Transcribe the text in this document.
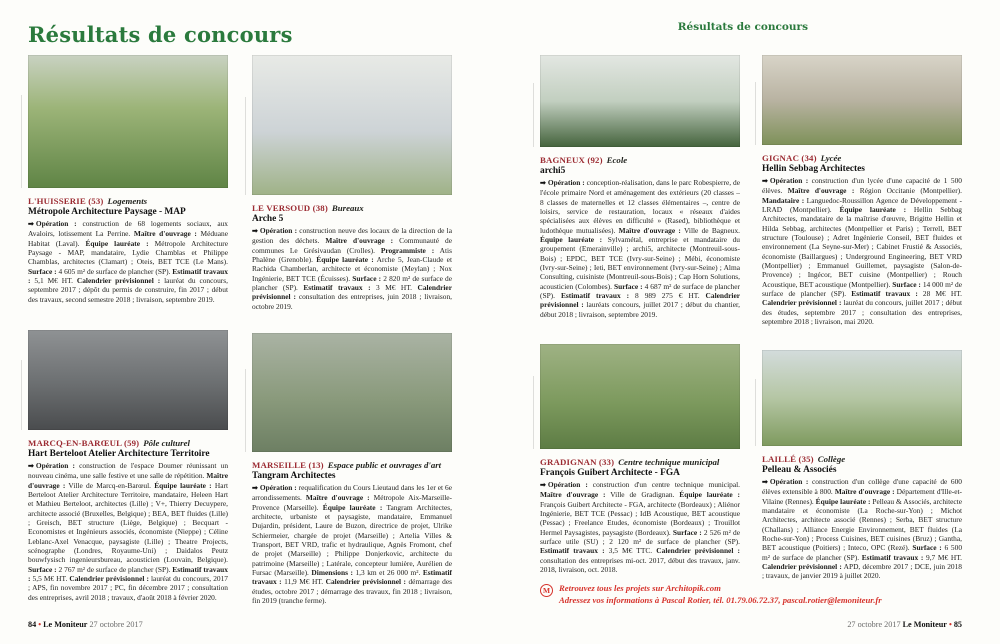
Résultats de concours	Résultats de concours
L'HUISSERIE (53) Logements
Métropole Architecture Paysage - MAP

➡ Opération : construction de 68 logements sociaux, aux Avaloirs, lotissement La Perrine. Maître d'ouvrage : Méduane Habitat (Laval). Équipe lauréate : Métropole Architecture Paysage - MAP, mandataire, Lydie Chamblas et Philippe Chamblas, architectes (Clamart) ; Oteis, BET TCE (Le Mans). Surface : 4 605 m² de surface de plancher (SP). Estimatif travaux : 5,1 M€ HT. Calendrier prévisionnel : lauréat du concours, septembre 2017 ; dépôt du permis de construire, fin 2017 ; début des travaux, second semestre 2018 ; livraison, septembre 2019.

LE VERSOUD (38) Bureaux
Arche 5

➡ Opération : construction neuve des locaux de la direction de la gestion des déchets. Maître d'ouvrage : Communauté de communes Le Grésivaudan (Crolles). Programmiste : Atis Phalène (Grenoble). Équipe lauréate : Arche 5, Jean-Claude et Rachida Chamberlan, architecte et économiste (Meylan) ; Nox Ingénierie, BET TCE (Écuisses). Surface : 2 820 m² de surface de plancher (SP). Estimatif travaux : 3 M€ HT. Calendrier prévisionnel : consultation des entreprises, juin 2018 ; livraison, octobre 2019.

BAGNEUX (92) Ecole
archi5

➡ Opération : conception-réalisation, dans le parc Robespierre, de l'école primaire Nord et aménagement des extérieurs (20 classes – 8 classes de maternelles et 12 classes élémentaires –, centre de loisirs, service de restauration, locaux « réseaux d'aides spécialisées aux élèves en difficulté » (Rased), bibliothèque et ludothèque mutualisées). Maître d'ouvrage : Ville de Bagneux. Équipe lauréate : Sylvamétal, entreprise et mandataire du groupement (Emerainville) ; archi5, architecte (Montreuil-sous-Bois) ; EPDC, BET TCE (Ivry-sur-Seine) ; Mébi, économiste (Ivry-sur-Seine) ; Ieti, BET environnement (Ivry-sur-Seine) ; Alma Consulting, cuisiniste (Montreuil-sous-Bois) ; Cap Horn Solutions, acousticien (Colombes). Surface : 4 687 m² de surface de plancher (SP). Estimatif travaux : 8 989 275 € HT. Calendrier prévisionnel : lauréats concours, juillet 2017 ; début du chantier, début 2018 ; livraison, septembre 2019.

GIGNAC (34) Lycée
Hellin Sebbag Architectes

➡ Opération : construction d'un lycée d'une capacité de 1 500 élèves. Maître d'ouvrage : Région Occitanie (Montpellier). Mandataire : Languedoc-Roussillon Agence de Développement - LRAD (Montpellier). Équipe lauréate : Hellin Sebbag Architectes, mandataire de la maîtrise d'œuvre, Brigitte Hellin et Hilda Sebbag, architectes (Montpellier et Paris) ; Terrell, BET structure (Toulouse) ; Adret Ingénierie Conseil, BET fluides et environnement (La Seyne-sur-Mer) ; Cabinet Frustié & Associés, économiste (Baillargues) ; Underground Engineering, BET VRD (Montpellier) ; Emmanuel Guillemet, paysagiste (Salon-de-Provence) ; Ingécor, BET cuisine (Montpellier) ; Rouch Acoustique, BET acoustique (Montpellier). Surface : 14 000 m² de surface de plancher (SP). Estimatif travaux : 28 M€ HT. Calendrier prévisionnel : lauréat du concours, juillet 2017 ; début des études, septembre 2017 ; consultation des entreprises, septembre 2018 ; livraison, mai 2020.

MARCQ-EN-BARŒUL (59) Pôle culturel
Hart Berteloot Atelier Architecture Territoire

➡ Opération : construction de l'espace Doumer réunissant un nouveau cinéma, une salle festive et une salle de répétition. Maître d'ouvrage : Ville de Marcq-en-Barœul. Équipe lauréate : Hart Berteloot Atelier Architecture Territoire, mandataire, Heleen Hart et Mathieu Berteloot, architectes (Lille) ; V+, Thierry Decuypere, architecte associé (Bruxelles, Belgique) ; BEA, BET fluides (Lille) ; Greisch, BET structure (Liège, Belgique) ; Becquart - Economistes et Ingénieurs associés, économiste (Nieppe) ; Céline Leblanc-Axel Venacque, paysagiste (Lille) ; Theatre Projects, scénographe (Londres, Royaume-Uni) ; Daidalos Peutz bouwfysisch ingenieursbureau, acousticien (Louvain, Belgique). Surface : 2 767 m² de surface de plancher (SP). Estimatif travaux : 5,5 M€ HT. Calendrier prévisionnel : lauréat du concours, 2017 ; APS, fin novembre 2017 ; PC, fin décembre 2017 ; consultation des entreprises, avril 2018 ; travaux, d'août 2018 à février 2020.

MARSEILLE (13) Espace public et ouvrages d'art
Tangram Architectes

➡ Opération : requalification du Cours Lieutaud dans les 1er et 6e arrondissements. Maître d'ouvrage : Métropole Aix-Marseille-Provence (Marseille). Équipe lauréate : Tangram Architectes, architecte, urbaniste et paysagiste, mandataire, Emmanuel Dujardin, président, Laure de Buzon, directrice de projet, Ulrike Schiermeier, chargée de projet (Marseille) ; Artelia Villes & Transport, BET VRD, trafic et hydraulique, Agnès Fromont, chef de projet (Marseille) ; Philippe Donjerkovic, architecte du patrimoine (Marseille) ; Latérale, concepteur lumière, Aurélien de Fursac (Marseille). Dimensions : 1,3 km et 26 000 m². Estimatif travaux : 11,9 M€ HT. Calendrier prévisionnel : démarrage des études, octobre 2017 ; démarrage des travaux, fin 2018 ; livraison, fin 2019 (tranche ferme).

GRADIGNAN (33) Centre technique municipal
François Guibert Architecte - FGA

➡ Opération : construction d'un centre technique municipal. Maître d'ouvrage : Ville de Gradignan. Équipe lauréate : François Guibert Architecte - FGA, architecte (Bordeaux) ; Aliénor Ingénierie, BET TCE (Pessac) ; IdB Acoustique, BET acoustique (Pessac) ; Freelance Etudes, économiste (Bordeaux) ; Trouillot Hermel Paysagistes, paysagiste (Bordeaux). Surface : 2 526 m² de surface utile (SU) ; 2 120 m² de surface de plancher (SP). Estimatif travaux : 3,5 M€ TTC. Calendrier prévisionnel : consultation des entreprises mi-oct. 2017, début des travaux, janv. 2018, livraison, oct. 2018.

LAILLÉ (35) Collège
Pelleau & Associés

➡ Opération : construction d'un collège d'une capacité de 600 élèves extensible à 800. Maître d'ouvrage : Département d'Ille-et-Vilaine (Rennes). Équipe lauréate : Pelleau & Associés, architecte mandataire et économiste (La Roche-sur-Yon) ; Michot Architectes, architecte associé (Rennes) ; Serba, BET structure (Challans) ; Alliance Energie Environnement, BET fluides (La Roche-sur-Yon) ; Process Cuisines, BET cuisines (Bruz) ; Gantha, BET acoustique (Poitiers) ; Inteco, OPC (Rezé). Surface : 6 500 m² de surface de plancher (SP). Estimatif travaux : 9,7 M€ HT. Calendrier prévisionnel : APD, décembre 2017 ; DCE, juin 2018 ; travaux, de janvier 2019 à juillet 2020.

M	Retrouvez tous les projets sur Architopik.com
Adressez vos informations à Pascal Rotier, tél. 01.79.06.72.37, pascal.rotier@lemoniteur.fr
84 • Le Moniteur 27 octobre 2017	27 octobre 2017 Le Moniteur • 85
